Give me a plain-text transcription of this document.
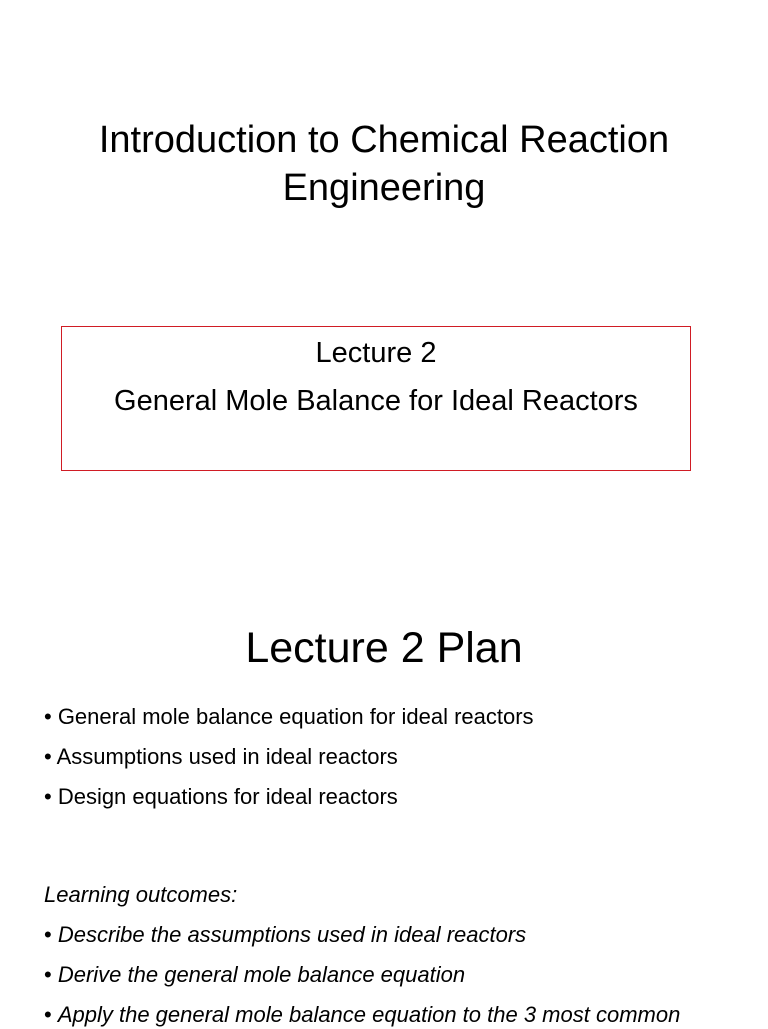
Introduction to Chemical Reaction
Engineering
Lecture 2
General Mole Balance for Ideal Reactors
Lecture 2 Plan
• General mole balance equation for ideal reactors
• Assumptions used in ideal reactors
• Design equations for ideal reactors
Learning outcomes:
• Describe the assumptions used in ideal reactors
• Derive the general mole balance equation
• Apply the general mole balance equation to the 3 most common
